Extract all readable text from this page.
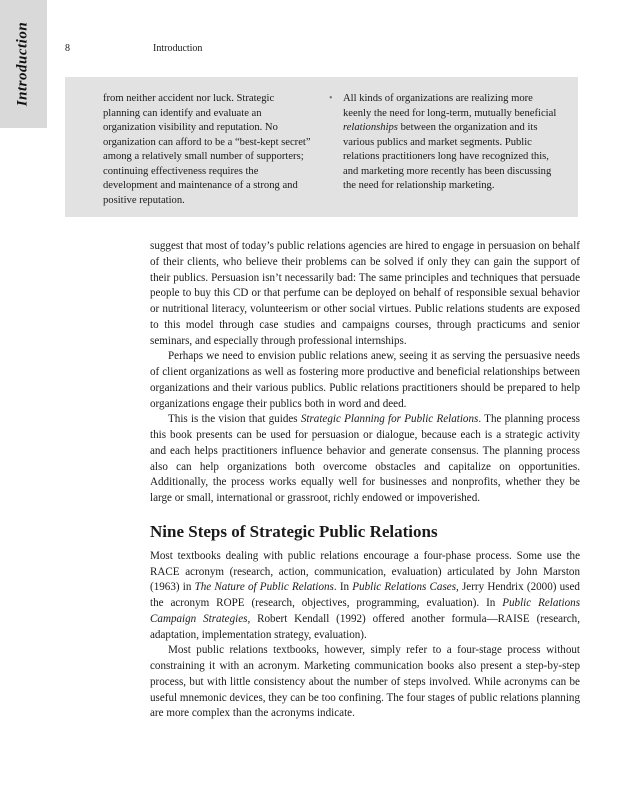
Introduction	8	Introduction

from neither accident nor luck. Strategic planning can identify and evaluate an organization visibility and reputation. No organization can afford to be a “best-kept secret” among a relatively small number of supporters; continuing effectiveness requires the development and maintenance of a strong and positive reputation.

• All kinds of organizations are realizing more keenly the need for long-term, mutually beneficial relationships between the organization and its various publics and market segments. Public relations practitioners long have recognized this, and marketing more recently has been discussing the need for relationship marketing.

suggest that most of today’s public relations agencies are hired to engage in persuasion on behalf of their clients, who believe their problems can be solved if only they can gain the support of their publics. Persuasion isn’t necessarily bad: The same principles and techniques that persuade people to buy this CD or that perfume can be deployed on behalf of responsible sexual behavior or nutritional literacy, volunteerism or other social virtues. Public relations students are exposed to this model through case studies and campaigns courses, through practicums and senior seminars, and especially through professional internships.

Perhaps we need to envision public relations anew, seeing it as serving the persuasive needs of client organizations as well as fostering more productive and beneficial relationships between organizations and their various publics. Public relations practitioners should be prepared to help organizations engage their publics both in word and deed.

This is the vision that guides Strategic Planning for Public Relations. The planning process this book presents can be used for persuasion or dialogue, because each is a strategic activity and each helps practitioners influence behavior and generate consensus. The planning process also can help organizations both overcome obstacles and capitalize on opportunities. Additionally, the process works equally well for businesses and nonprofits, whether they be large or small, international or grassroot, richly endowed or impoverished.

Nine Steps of Strategic Public Relations

Most textbooks dealing with public relations encourage a four-phase process. Some use the RACE acronym (research, action, communication, evaluation) articulated by John Marston (1963) in The Nature of Public Relations. In Public Relations Cases, Jerry Hendrix (2000) used the acronym ROPE (research, objectives, programming, evaluation). In Public Relations Campaign Strategies, Robert Kendall (1992) offered another formula—RAISE (research, adaptation, implementation strategy, evaluation).

Most public relations textbooks, however, simply refer to a four-stage process without constraining it with an acronym. Marketing communication books also present a step-by-step process, but with little consistency about the number of steps involved. While acronyms can be useful mnemonic devices, they can be too confining. The four stages of public relations planning are more complex than the acronyms indicate.
